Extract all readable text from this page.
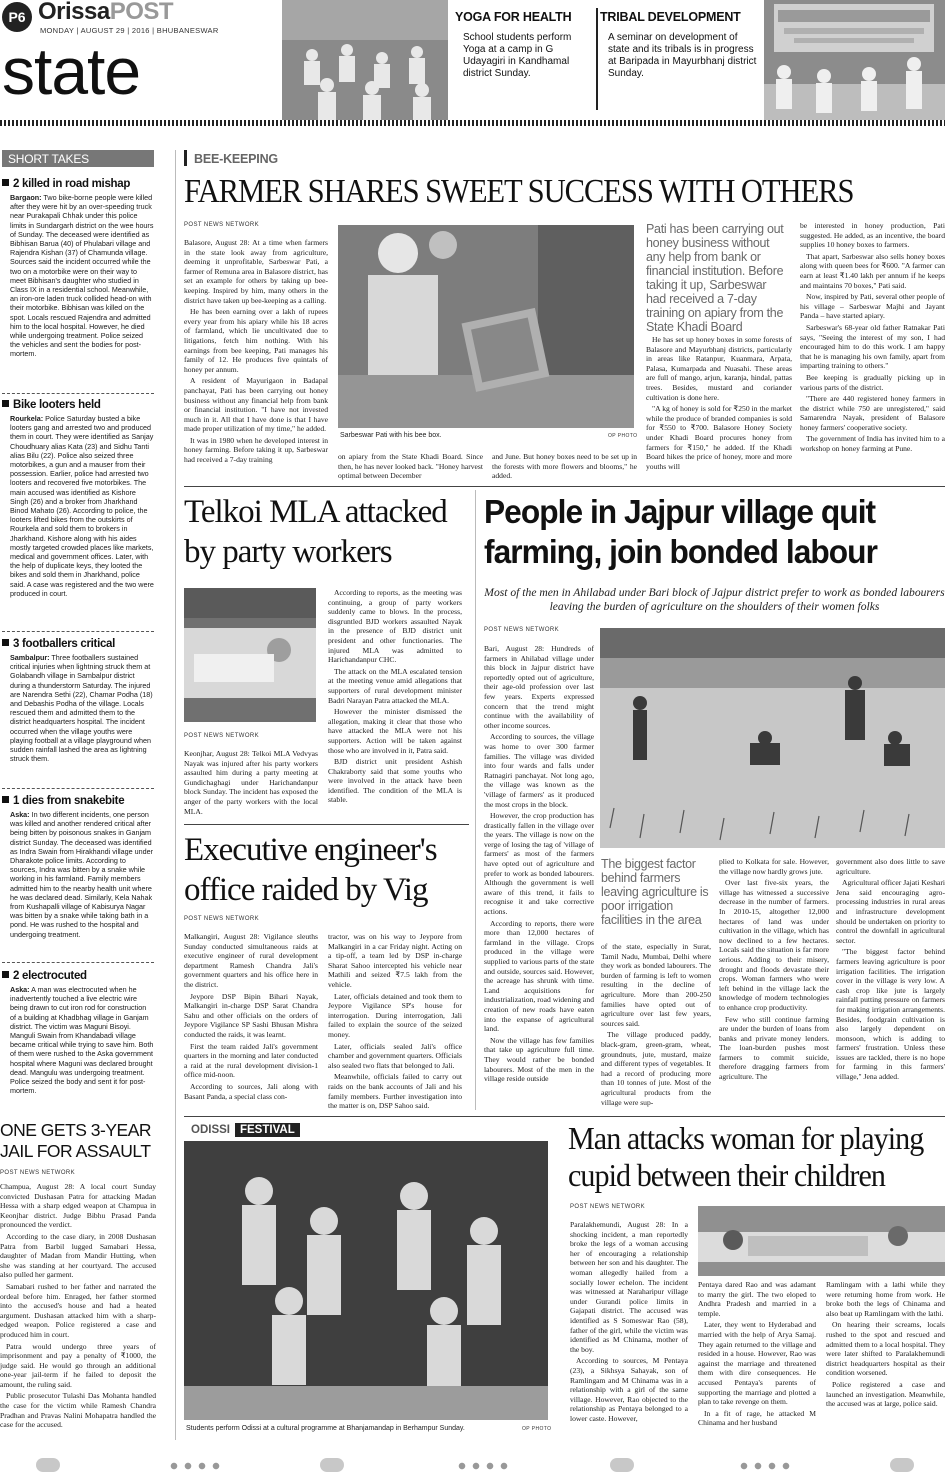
P6 OrissaPOST
MONDAY | AUGUST 29 | 2016 | BHUBANESWAR
state
YOGA FOR HEALTH
School students perform Yoga at a camp in G Udayagiri in Kandhamal district Sunday.
TRIBAL DEVELOPMENT
A seminar on development of state and its tribals is in progress at Baripada in Mayurbhanj district Sunday.
SHORT TAKES
2 killed in road mishap
Bargaon: Two bike-borne people were killed after they were hit by an over-speeding truck near Purakapali Chhak under this police limits in Sundargarh district on the wee hours of Sunday. The deceased were identified as Bibhisan Barua (40) of Phulabari village and Rajendra Kishan (37) of Chamunda village. Sources said the incident occurred while the two on a motorbike were on their way to meet Bibhisan's daughter who studied in Class IX in a residential school. Meanwhile, an iron-ore laden truck collided head-on with their motorbike. Bibhisan was killed on the spot. Locals rescued Rajendra and admitted him to the local hospital. However, he died while undergoing treatment. Police seized the vehicles and sent the bodies for post-mortem.
Bike looters held
Rourkela: Police Saturday busted a bike looters gang and arrested two and produced them in court. They were identified as Sanjay Choudhuary alias Kata (23) and Sidhu Tanti alias Bilu (22). Police also seized three motorbikes, a gun and a mauser from their possession. Earlier, police had arrested two looters and recovered five motorbikes. The main accused was identified as Kishore Singh (26) and a broker from Jharkhand Binod Mahato (26). According to police, the looters lifted bikes from the outskirts of Rourkela and sold them to brokers in Jharkhand. Kishore along with his aides mostly targeted crowded places like markets, medical and government offices. Later, with the help of duplicate keys, they looted the bikes and sold them in Jharkhand, police said. A case was registered and the two were produced in court.
3 footballers critical
Sambalpur: Three footballers sustained critical injuries when lightning struck them at Golabandh village in Sambalpur district during a thunderstorm Saturday. The injured are Narendra Sethi (22), Chamar Podha (18) and Debashis Podha of the village. Locals rescued them and admitted them to the district headquarters hospital. The incident occurred when the village youths were playing football at a village playground when sudden rainfall lashed the area as lightning struck them.
1 dies from snakebite
Aska: In two different incidents, one person was killed and another rendered critical after being bitten by poisonous snakes in Ganjam district Sunday. The deceased was identified as Indra Swain from Hirakhandi village under Dharakote police limits. According to sources, Indra was bitten by a snake while working in his farmland. Family members admitted him to the nearby health unit where he was declared dead. Similarly, Kela Nahak from Kushapalli village of Kabisurya Nagar was bitten by a snake while taking bath in a pond. He was rushed to the hospital and undergoing treatment.
2 electrocuted
Aska: A man was electrocuted when he inadvertently touched a live electric wire being drawn to cut iron rod for construction of a building at Khadbhag village in Ganjam district. The victim was Maguni Bisoyi. Manguli Swain from Khandabadi village became critical while trying to save him. Both of them were rushed to the Aska government hospital where Maguni was declared brought dead. Mangulu was undergoing treatment. Police seized the body and sent it for post-mortem.
ONE GETS 3-YEAR JAIL FOR ASSAULT
POST NEWS NETWORK

Champua, August 28: A local court Sunday convicted Dushasan Patra for attacking Madan Hessa with a sharp edged weapon at Champua in Keonjhar district. Judge Bibhu Prasad Panda pronounced the verdict.

According to the case diary, in 2008 Dushasan Patra from Barbil lugged Samabari Hessa, daughter of Madan from Mandir Hutting, when she was standing at her courtyard. The accused also pulled her garment.

Samabari rushed to her father and narrated the ordeal before him. Enraged, her father stormed into the accused's house and had a heated argument. Dushasan attacked him with a sharp-edged weapon. Police registered a case and produced him in court.

Patra would undergo three years of imprisonment and pay a penalty of ₹1000, the judge said. He would go through an additional one-year jail-term if he failed to deposit the amount, the ruling said.

Public prosecutor Tulashi Das Mohanta handled the case for the victim while Ramesh Chandra Pradhan and Pravas Nalini Mohapatra handled the case for the accused.

BEE-KEEPING
FARMER SHARES SWEET SUCCESS WITH OTHERS
POST NEWS NETWORK

Balasore, August 28: At a time when farmers in the state look away from agriculture, deeming it unprofitable, Sarbeswar Pati, a farmer of Remuna area in Balasore district, has set an example for others by taking up bee-keeping. Inspired by him, many others in the district have taken up bee-keeping as a calling.

He has been earning over a lakh of rupees every year from his apiary while his 18 acres of farmland, which lie uncultivated due to litigations, fetch him nothing. With his earnings from bee keeping, Pati manages his family of 12. He produces five quintals of honey per annum.

A resident of Mayurigaon in Badapal panchayat, Pati has been carrying out honey business without any financial help from bank or financial institution. "I have not invested much in it. All that I have done is that I have made proper utilization of my time," he added.

It was in 1980 when he developed interest in honey farming. Before taking it up, Sarbeswar had received a 7-day training

Sarbeswar Pati with his bee box.	OP PHOTO
on apiary from the State Khadi Board. Since then, he has never looked back. "Honey harvest optimal between December
and June. But honey boxes need to be set up in the forests with more flowers and blooms," he added.
Pati has been carrying out honey business without any help from bank or financial institution. Before taking it up, Sarbeswar had received a 7-day training on apiary from the State Khadi Board

He has set up honey boxes in some forests of Balasore and Mayurbhanj districts, particularly in areas like Ratanpur, Kuanmara, Arpata, Palasa, Kumarpada and Nuasahi. These areas are full of mango, arjun, karanja, hindal, pattas trees. Besides, mustard and coriander cultivation is done here.

"A kg of honey is sold for ₹250 in the market while the produce of branded companies is sold for ₹550 to ₹700. Balasore Honey Society under Khadi Board procures honey from farmers for ₹150," he added. If the Khadi Board hikes the price of honey, more and more youths will

be interested in honey production, Pati suggested. He added, as an incentive, the board supplies 10 honey boxes to farmers.

That apart, Sarbeswar also sells honey boxes along with queen bees for ₹600. "A farmer can earn at least ₹1.40 lakh per annum if he keeps and maintains 70 boxes," Pati said.

Now, inspired by Pati, several other people of his village – Sarbeswar Majhi and Jayant Panda – have started apiary.

Sarbeswar's 68-year old father Ratnakar Pati says, "Seeing the interest of my son, I had encouraged him to do this work. I am happy that he is managing his own family, apart from imparting training to others."

Bee keeping is gradually picking up in various parts of the district.

"There are 440 registered honey farmers in the district while 750 are unregistered," said Samarendra Nayak, president of Balasore honey farmers' cooperative society.

The government of India has invited him to a workshop on honey farming at Pune.

Telkoi MLA attacked by party workers
POST NEWS NETWORK
Keonjhar, August 28: Telkoi MLA Vedvyas Nayak was injured after his party workers assaulted him during a party meeting at Gundichaghagi under Harichandanpur block Sunday. The incident has exposed the anger of the party workers with the local MLA.

According to reports, as the meeting was continuing, a group of party workers suddenly came to blows. In the process, disgruntled BJD workers assaulted Nayak in the presence of BJD district unit president and other functionaries. The injured MLA was admitted to Harichandanpur CHC.

The attack on the MLA escalated tension at the meeting venue amid allegations that supporters of rural development minister Badri Narayan Patra attacked the MLA.

However the minister dismissed the allegation, making it clear that those who have attacked the MLA were not his supporters. Action will be taken against those who are involved in it, Patra said.

BJD district unit president Ashish Chakraborty said that some youths who were involved in the attack have been identified. The condition of the MLA is stable.

Executive engineer's office raided by Vig
POST NEWS NETWORK

Malkangiri, August 28: Vigilance sleuths Sunday conducted simultaneous raids at executive engineer of rural development department Ramesh Chandra Jali's government quarters and his office here in the district.

Jeypore DSP Bipin Bihari Nayak, Malkangiri in-charge DSP Sarat Chandra Sahu and other officials on the orders of Jeypore Vigilance SP Sashi Bhusan Mishra conducted the raids, it was learnt.

First the team raided Jali's government quarters in the morning and later conducted a raid at the rural development division-1 office mid-noon.

According to sources, Jali along with Basant Panda, a special class con-

tractor, was on his way to Jeypore from Malkangiri in a car Friday night. Acting on a tip-off, a team led by DSP in-charge Sharat Sahoo intercepted his vehicle near Mathili and seized ₹7.5 lakh from the vehicle.

Later, officials detained and took them to Jeypore Vigilance SP's house for interrogation. During interrogation, Jali failed to explain the source of the seized money.

Later, officials sealed Jali's office chamber and government quarters. Officials also sealed two flats that belonged to Jali.

Meanwhile, officials failed to carry out raids on the bank accounts of Jali and his family members. Further investigation into the matter is on, DSP Sahoo said.

People in Jajpur village quit farming, join bonded labour
Most of the men in Ahilabad under Bari block of Jajpur district prefer to work as bonded labourers leaving the burden of agriculture on the shoulders of their women folks
POST NEWS NETWORK

Bari, August 28: Hundreds of farmers in Ahilabad village under this block in Jajpur district have reportedly opted out of agriculture, their age-old profession over last few years. Experts expressed concern that the trend might continue with the availability of other income sources.

According to sources, the village was home to over 300 farmer families. The village was divided into four wards and falls under Ratnagiri panchayat. Not long ago, the village was known as the 'village of farmers' as it produced the most crops in the block.

However, the crop production has drastically fallen in the village over the years. The village is now on the verge of losing the tag of 'village of farmers' as most of the farmers have opted out of agriculture and prefer to work as bonded labourers. Although the government is well aware of this trend, it fails to recognise it and take corrective actions.

According to reports, there were more than 12,000 hectares of farmland in the village. Crops produced in the village were supplied to various parts of the state and outside, sources said. However, the acreage has shrunk with time. Land acquisitions for industrialization, road widening and creation of new roads have eaten into the expanse of agricultural land.

Now the village has few families that take up agriculture full time. They would rather be bonded labourers. Most of the men in the village reside outside

The biggest factor behind farmers leaving agriculture is poor irrigation facilities in the area

of the state, especially in Surat, Tamil Nadu, Mumbai, Delhi where they work as bonded labourers. The burden of farming is left to women resulting in the decline of agriculture. More than 200-250 families have opted out of agriculture over last few years, sources said.

The village produced paddy, black-gram, green-gram, wheat, groundnuts, jute, mustard, maize and different types of vegetables. It had a record of producing more than 10 tonnes of jute. Most of the agricultural products from the village were sup-

plied to Kolkata for sale. However, the village now hardly grows jute.

Over last five-six years, the village has witnessed a successive decrease in the number of farmers. In 2010-15, altogether 12,000 hectares of land was under cultivation in the village, which has now declined to a few hectares. Locals said the situation is far more serious. Adding to their misery, drought and floods devastate their crops. Woman farmers who were left behind in the village lack the knowledge of modern technologies to enhance crop productivity.

Few who still continue farming are under the burden of loans from banks and private money lenders. The loan-burden pushes most farmers to commit suicide, therefore dragging farmers from agriculture. The

government also does little to save agriculture.

Agricultural officer Jajati Keshari Jena said encouraging agro-processing industries in rural areas and infrastructure development should be undertaken on priority to control the downfall in agricultural sector.

"The biggest factor behind farmers leaving agriculture is poor irrigation facilities. The irrigation cover in the village is very low. A cash crop like jute is largely rainfall putting pressure on farmers for making irrigation arrangements. Besides, foodgrain cultivation is also largely dependent on monsoon, which is adding to farmers' frustration. Unless these issues are tackled, there is no hope for farming in this farmers' village," Jena added.

ODISSI FESTIVAL
Students perform Odissi at a cultural programme at Bhanjamandap in Berhampur Sunday.	OP PHOTO
Man attacks woman for playing cupid between their children
POST NEWS NETWORK

Paralakhemundi, August 28: In a shocking incident, a man reportedly broke the legs of a woman accusing her of encouraging a relationship between her son and his daughter. The woman allegedly hailed from a socially lower echelon. The incident was witnessed at Naraharipur village under Gurandi police limits in Gajapati district. The accused was identified as S Someswar Rao (58), father of the girl, while the victim was identified as M Chinama, mother of the boy.

According to sources, M Pentaya (23), a Sikhsya Sahayak, son of Ramlingam and M Chinama was in a relationship with a girl of the same village. However, Rao objected to the relationship as Pentaya belonged to a lower caste. However,

Pentaya dared Rao and was adamant to marry the girl. The two eloped to Andhra Pradesh and married in a temple.

Later, they went to Hyderabad and married with the help of Arya Samaj. They again returned to the village and resided in a house. However, Rao was against the marriage and threatened them with dire consequences. He accused Pentaya's parents of supporting the marriage and plotted a plan to take revenge on them.

In a fit of rage, he attacked M Chinama and her husband

Ramlingam with a lathi while they were returning home from work. He broke both the legs of Chinama and also beat up Ramlingam with the lathi.

On hearing their screams, locals rushed to the spot and rescued and admitted them to a local hospital. They were later shifted to Paralakhemundi district headquarters hospital as their condition worsened.

Police registered a case and launched an investigation. Meanwhile, the accused was at large, police said.
